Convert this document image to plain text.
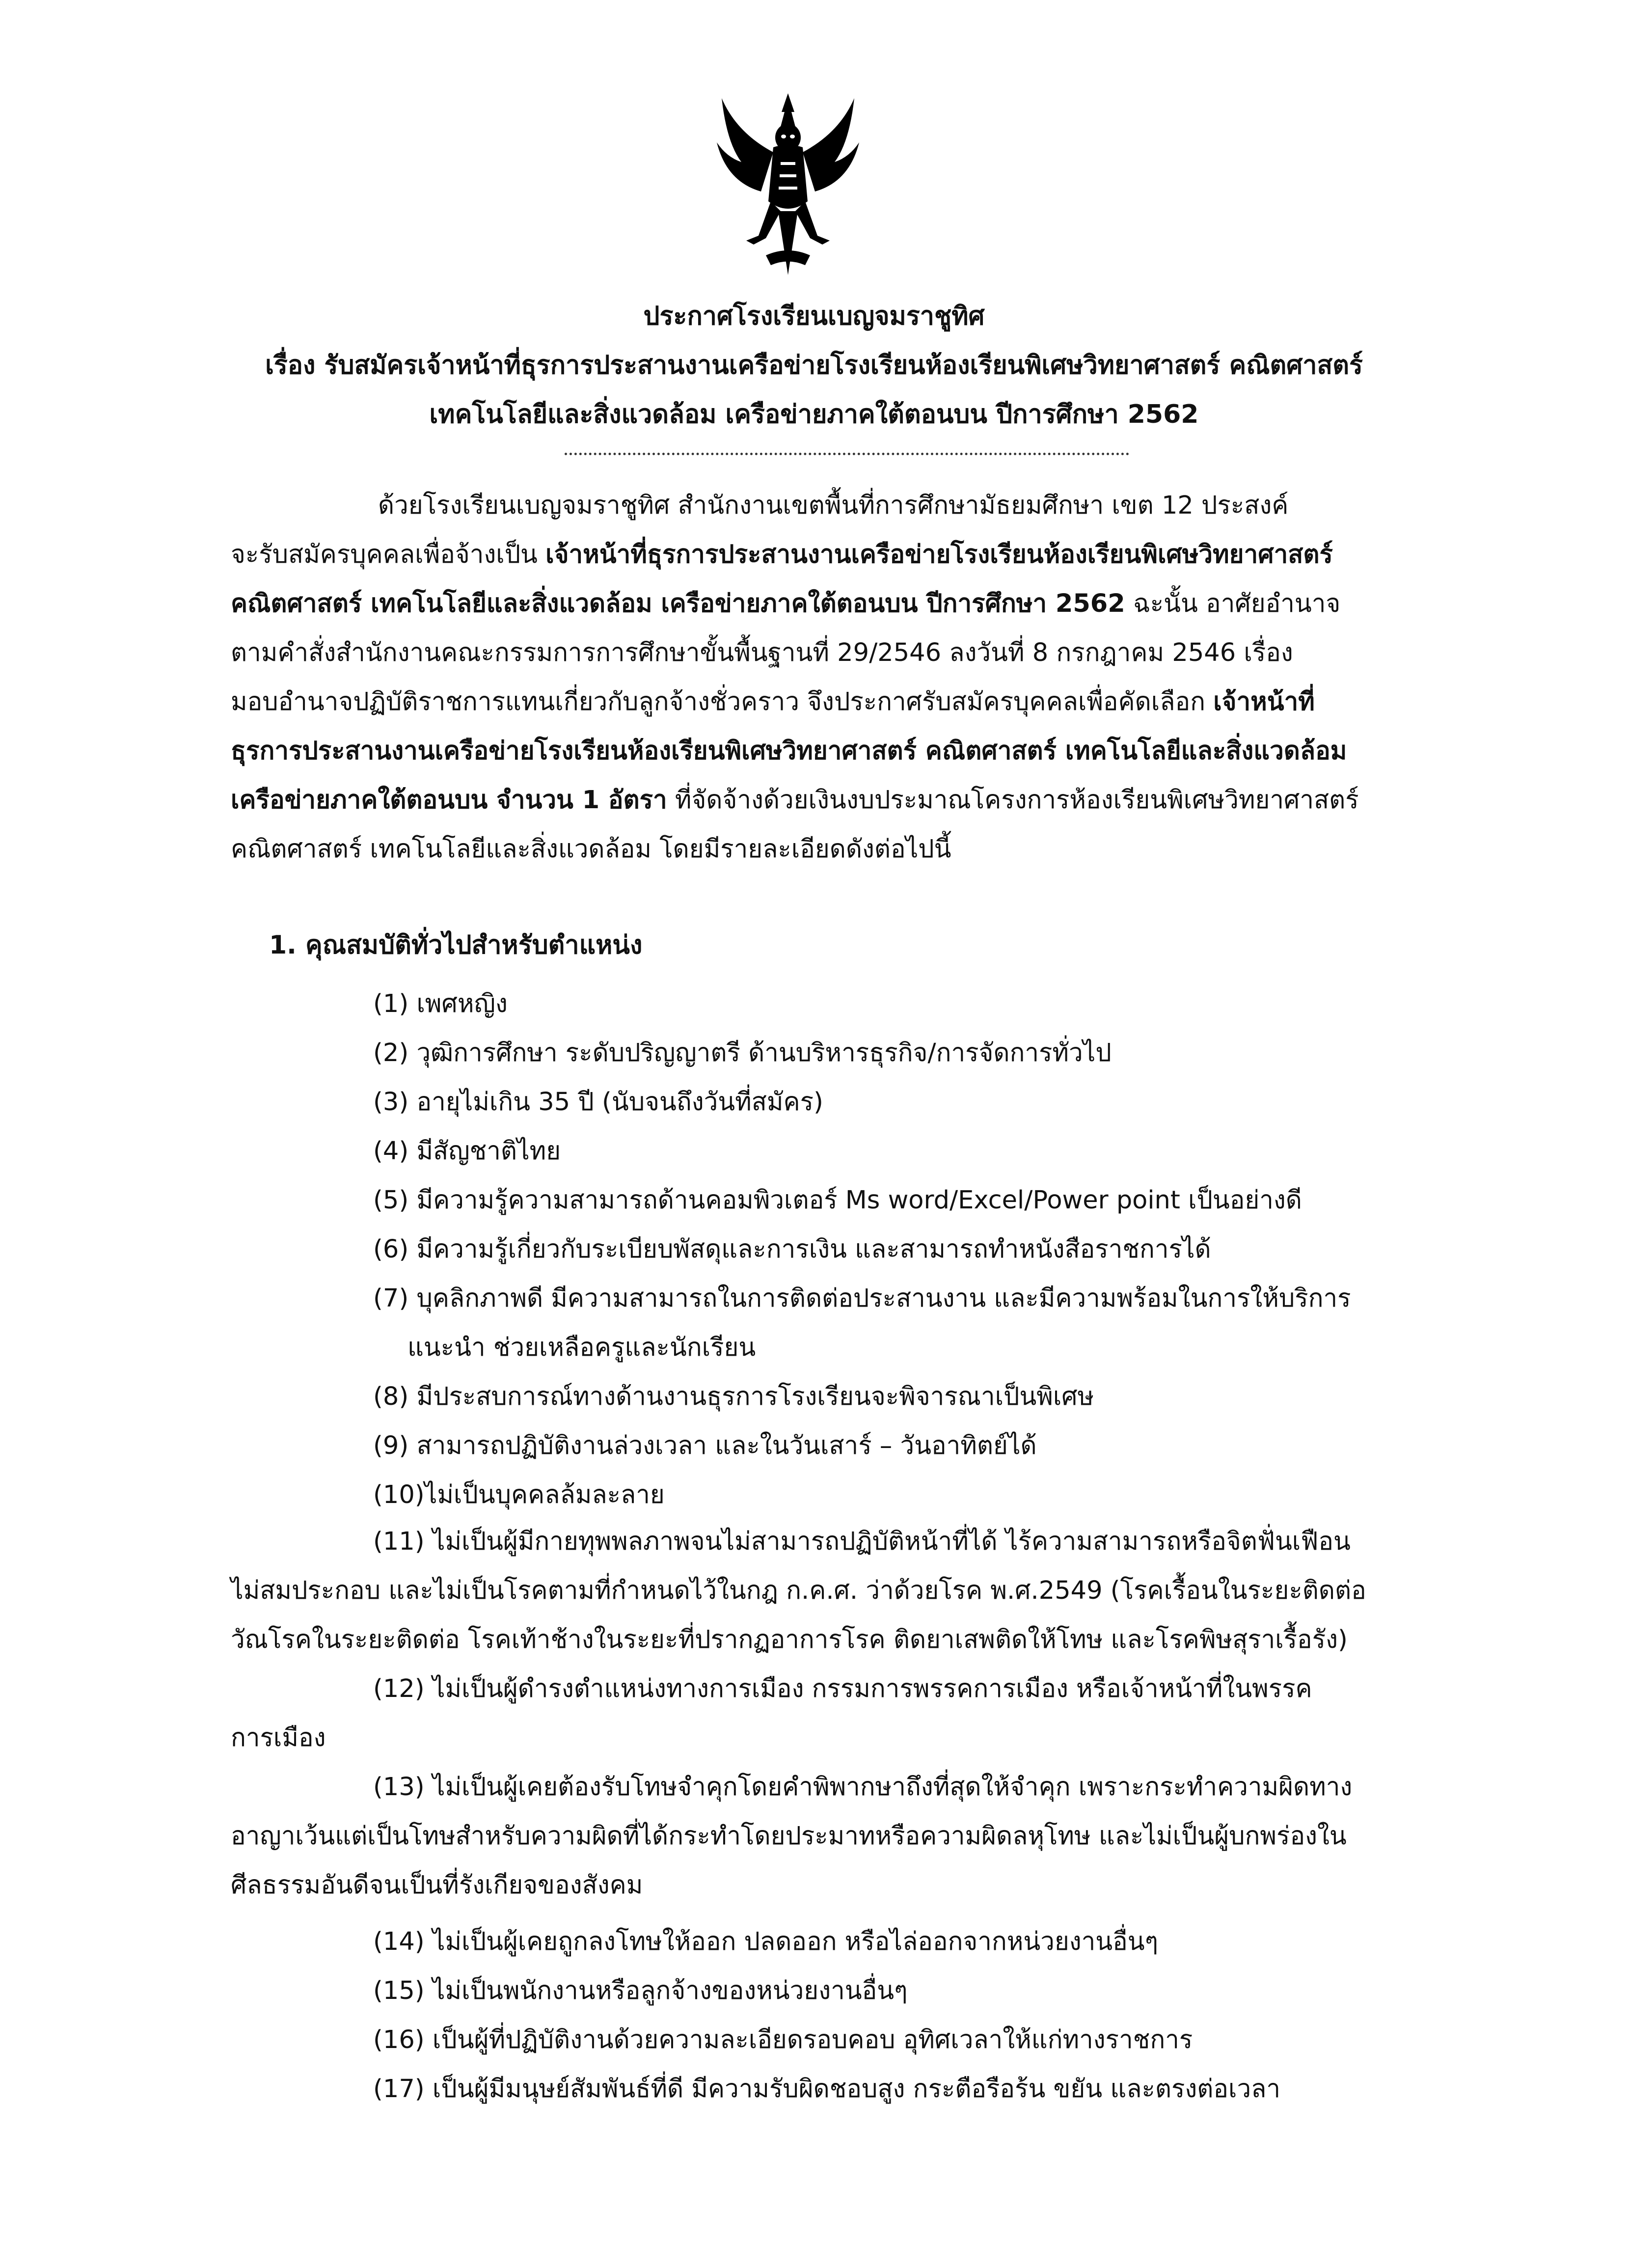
ประกาศโรงเรียนเบญจมราชูทิศ
เรื่อง รับสมัครเจ้าหน้าที่ธุรการประสานงานเครือข่ายโรงเรียนห้องเรียนพิเศษวิทยาศาสตร์ คณิตศาสตร์
เทคโนโลยีและสิ่งแวดล้อม เครือข่ายภาคใต้ตอนบน ปีการศึกษา 2562
ด้วยโรงเรียนเบญจมราชูทิศ สำนักงานเขตพื้นที่การศึกษามัธยมศึกษา เขต 12 ประสงค์
จะรับสมัครบุคคลเพื่อจ้างเป็น เจ้าหน้าที่ธุรการประสานงานเครือข่ายโรงเรียนห้องเรียนพิเศษวิทยาศาสตร์
คณิตศาสตร์ เทคโนโลยีและสิ่งแวดล้อม เครือข่ายภาคใต้ตอนบน ปีการศึกษา 2562 ฉะนั้น อาศัยอำนาจ
ตามคำสั่งสำนักงานคณะกรรมการการศึกษาขั้นพื้นฐานที่ 29/2546 ลงวันที่ 8 กรกฎาคม 2546 เรื่อง
มอบอำนาจปฏิบัติราชการแทนเกี่ยวกับลูกจ้างชั่วคราว จึงประกาศรับสมัครบุคคลเพื่อคัดเลือก เจ้าหน้าที่
ธุรการประสานงานเครือข่ายโรงเรียนห้องเรียนพิเศษวิทยาศาสตร์ คณิตศาสตร์ เทคโนโลยีและสิ่งแวดล้อม
เครือข่ายภาคใต้ตอนบน จำนวน 1 อัตรา ที่จัดจ้างด้วยเงินงบประมาณโครงการห้องเรียนพิเศษวิทยาศาสตร์
คณิตศาสตร์ เทคโนโลยีและสิ่งแวดล้อม โดยมีรายละเอียดดังต่อไปนี้
1. คุณสมบัติทั่วไปสำหรับตำแหน่ง
(1) เพศหญิง
(2) วุฒิการศึกษา ระดับปริญญาตรี ด้านบริหารธุรกิจ/การจัดการทั่วไป
(3) อายุไม่เกิน 35 ปี (นับจนถึงวันที่สมัคร)
(4) มีสัญชาติไทย
(5) มีความรู้ความสามารถด้านคอมพิวเตอร์ Ms word/Excel/Power point เป็นอย่างดี
(6) มีความรู้เกี่ยวกับระเบียบพัสดุและการเงิน และสามารถทำหนังสือราชการได้
(7) บุคลิกภาพดี มีความสามารถในการติดต่อประสานงาน และมีความพร้อมในการให้บริการ
แนะนำ ช่วยเหลือครูและนักเรียน
(8) มีประสบการณ์ทางด้านงานธุรการโรงเรียนจะพิจารณาเป็นพิเศษ
(9) สามารถปฏิบัติงานล่วงเวลา และในวันเสาร์ – วันอาทิตย์ได้
(10)ไม่เป็นบุคคลล้มละลาย
(11) ไม่เป็นผู้มีกายทุพพลภาพจนไม่สามารถปฏิบัติหน้าที่ได้ ไร้ความสามารถหรือจิตฟั่นเฟือน
ไม่สมประกอบ และไม่เป็นโรคตามที่กำหนดไว้ในกฎ ก.ค.ศ. ว่าด้วยโรค พ.ศ.2549 (โรคเรื้อนในระยะติดต่อ
วัณโรคในระยะติดต่อ โรคเท้าช้างในระยะที่ปรากฏอาการโรค ติดยาเสพติดให้โทษ และโรคพิษสุราเรื้อรัง)
(12) ไม่เป็นผู้ดำรงตำแหน่งทางการเมือง กรรมการพรรคการเมือง หรือเจ้าหน้าที่ในพรรค
การเมือง
(13) ไม่เป็นผู้เคยต้องรับโทษจำคุกโดยคำพิพากษาถึงที่สุดให้จำคุก เพราะกระทำความผิดทาง
อาญาเว้นแต่เป็นโทษสำหรับความผิดที่ได้กระทำโดยประมาทหรือความผิดลหุโทษ และไม่เป็นผู้บกพร่องใน
ศีลธรรมอันดีจนเป็นที่รังเกียจของสังคม
(14) ไม่เป็นผู้เคยถูกลงโทษให้ออก ปลดออก หรือไล่ออกจากหน่วยงานอื่นๆ
(15) ไม่เป็นพนักงานหรือลูกจ้างของหน่วยงานอื่นๆ
(16) เป็นผู้ที่ปฏิบัติงานด้วยความละเอียดรอบคอบ อุทิศเวลาให้แก่ทางราชการ
(17) เป็นผู้มีมนุษย์สัมพันธ์ที่ดี มีความรับผิดชอบสูง กระตือรือร้น ขยัน และตรงต่อเวลา
